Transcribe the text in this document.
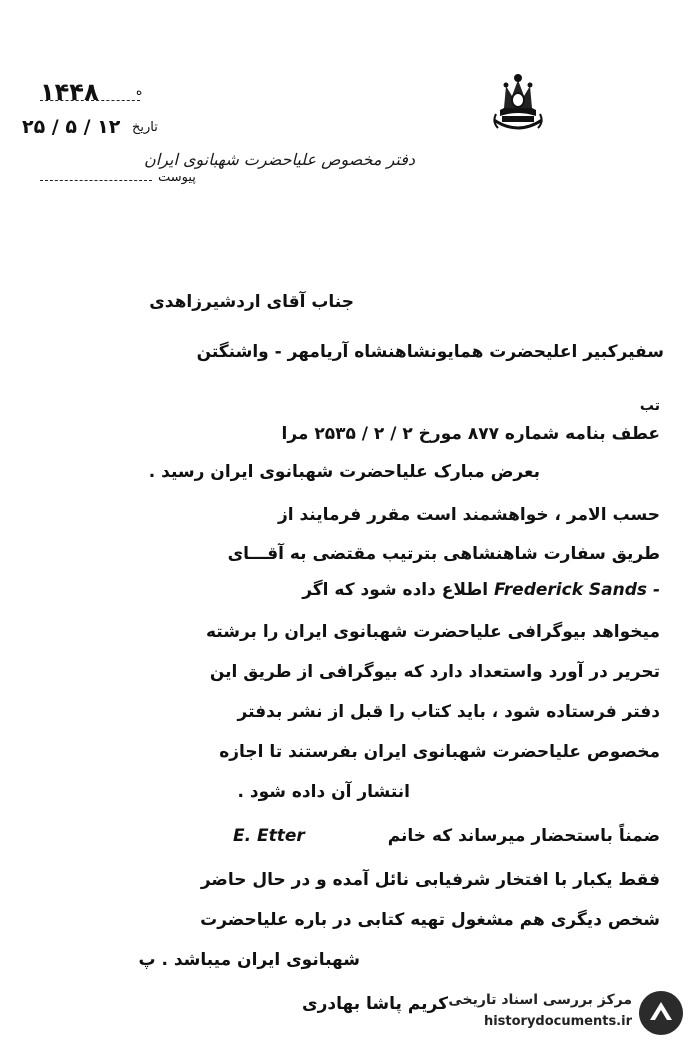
دفتر مخصوص علیاحضرت شهبانوی ایران
۱۴۴۸	ه
۲۵ / ۵ / ۱۲ تاریخ
پیوست
جناب آقای اردشیرزاهدی
سفیرکبیر اعلیحضرت همایونشاهنشاه آریامهر - واشنگتن
تب
عطف بنامه شماره ۸۷۷ مورخ ۲ / ۲ / ۲۵۳۵ مرا
بعرض مبارک علیاحضرت شهبانوی ایران رسید .
حسب الامر ، خواهشمند است مقرر فرمایند از
طریق سفارت شاهنشاهی بترتیب مقتضی به آقـــای
اطلاع داده شود که اگر Frederick Sands -
میخواهد بیوگرافی علیاحضرت شهبانوی ایران را برشته
تحریر در آورد واستعداد دارد که بیوگرافی از طریق این
دفتر فرستاده شود ، باید کتاب را قبل از نشر بدفتر
مخصوص علیاحضرت شهبانوی ایران بفرستند تا اجازه
انتشار آن داده شود .
E. Etter	ضمناً باستحضار میرساند که خانم
فقط یکبار با افتخار شرفیابی نائل آمده و در حال حاضر
شخص دیگری هم مشغول تهیه کتابی در باره علیاحضرت
شهبانوی ایران میباشد . پ
کریم پاشا بهادری مرکز بررسی اسناد تاریخی
historydocuments.ir
